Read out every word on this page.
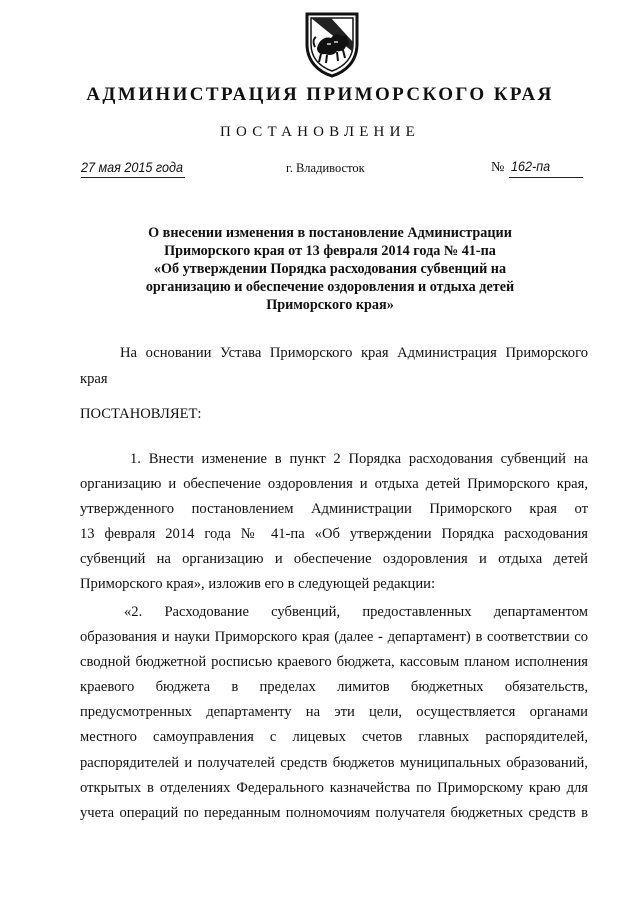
АДМИНИСТРАЦИЯ ПРИМОРСКОГО КРАЯ
ПОСТАНОВЛЕНИЕ
27 мая 2015 года	г. Владивосток	№ 162-па
О внесении изменения в постановление Администрации
Приморского края от 13 февраля 2014 года № 41-па
«Об утверждении Порядка расходования субвенций на
организацию и обеспечение оздоровления и отдыха детей
Приморского края»
На основании Устава Приморского края Администрация Приморского
края
ПОСТАНОВЛЯЕТ:
1. Внести изменение в пункт 2 Порядка расходования субвенций на
организацию и обеспечение оздоровления и отдыха детей Приморского края,
утвержденного постановлением Администрации Приморского края от
13 февраля 2014 года № 41-па «Об утверждении Порядка расходования
субвенций на организацию и обеспечение оздоровления и отдыха детей
Приморского края», изложив его в следующей редакции:
«2. Расходование субвенций, предоставленных департаментом
образования и науки Приморского края (далее - департамент) в соответствии со
сводной бюджетной росписью краевого бюджета, кассовым планом исполнения
краевого бюджета в пределах лимитов бюджетных обязательств,
предусмотренных департаменту на эти цели, осуществляется органами
местного самоуправления с лицевых счетов главных распорядителей,
распорядителей и получателей средств бюджетов муниципальных образований,
открытых в отделениях Федерального казначейства по Приморскому краю для
учета операций по переданным полномочиям получателя бюджетных средств в
